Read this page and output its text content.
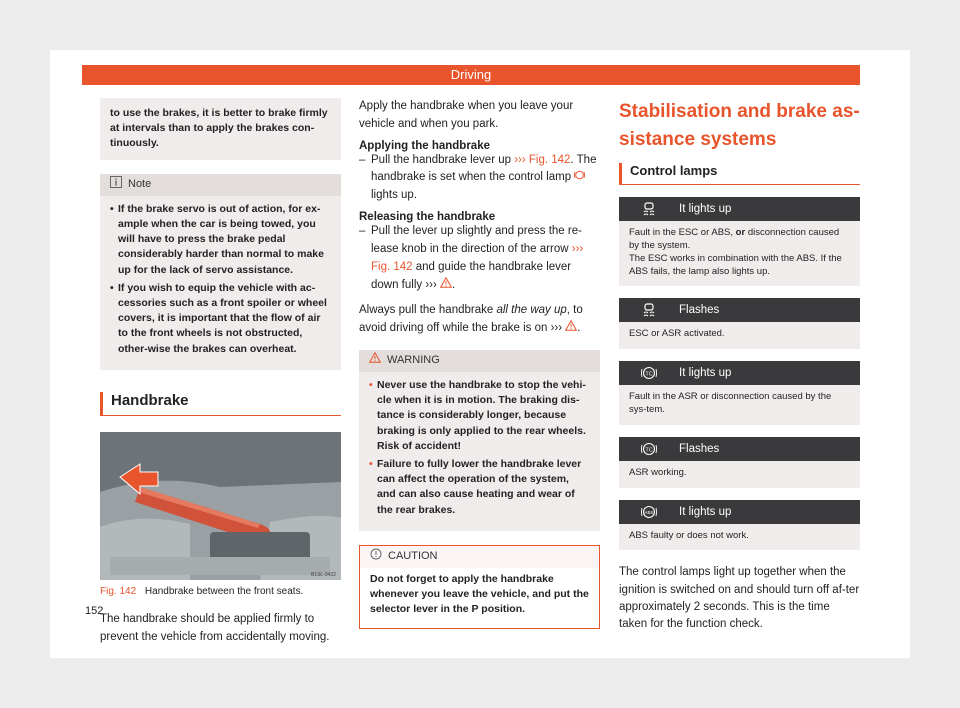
Driving
to use the brakes, it is better to brake firmly at intervals than to apply the brakes con-tinuously.
Note
• If the brake servo is out of action, for ex-ample when the car is being towed, you will have to press the brake pedal considerably harder than normal to make up for the lack of servo assistance.
• If you wish to equip the vehicle with ac-cessories such as a front spoiler or wheel covers, it is important that the flow of air to the front wheels is not obstructed, other-wise the brakes can overheat.
Handbrake
B1SL-0432
Fig. 142 Handbrake between the front seats.
The handbrake should be applied firmly to prevent the vehicle from accidentally moving.
Apply the handbrake when you leave your vehicle and when you park.
Applying the handbrake
– Pull the handbrake lever up ››› Fig. 142. The handbrake is set when the control lamp  lights up.
Releasing the handbrake
– Pull the lever up slightly and press the re-lease knob in the direction of the arrow ››› Fig. 142 and guide the handbrake lever down fully ››› .
Always pull the handbrake all the way up, to avoid driving off while the brake is on ››› .
WARNING
• Never use the handbrake to stop the vehi-cle when it is in motion. The braking dis-tance is considerably longer, because braking is only applied to the rear wheels. Risk of accident!
• Failure to fully lower the handbrake lever can affect the operation of the system, and can also cause heating and wear of the rear brakes.
CAUTION
Do not forget to apply the handbrake whenever you leave the vehicle, and put the selector lever in the P position.
Stabilisation and brake as-sistance systems
Control lamps
It lights up
Fault in the ESC or ABS, or disconnection caused by the system.
The ESC works in combination with the ABS. If the ABS fails, the lamp also lights up.
Flashes
ESC or ASR activated.
TC It lights up
Fault in the ASR or disconnection caused by the sys-tem.
TC Flashes
ASR working.
ABS It lights up
ABS faulty or does not work.
The control lamps light up together when the ignition is switched on and should turn off af-ter approximately 2 seconds. This is the time taken for the function check.
152
